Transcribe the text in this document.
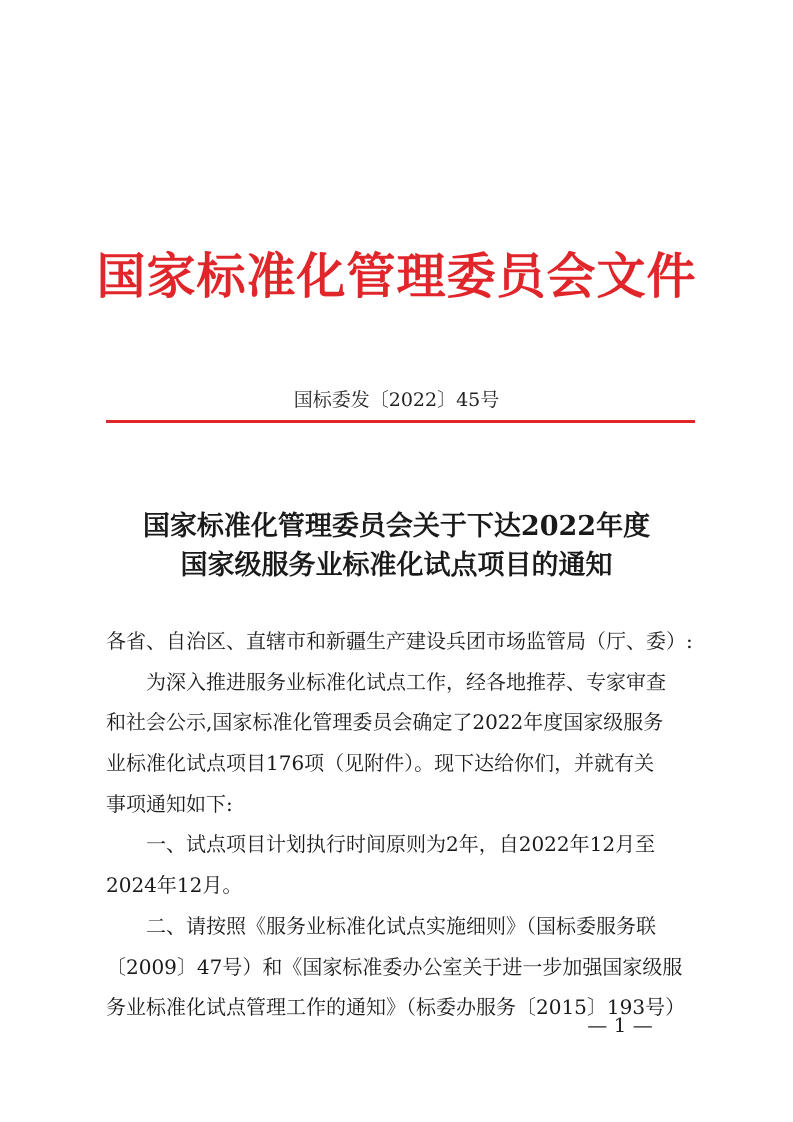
国家标准化管理委员会文件
国标委发〔2022〕45号
国家标准化管理委员会关于下达2022年度
国家级服务业标准化试点项目的通知
各省、自治区、直辖市和新疆生产建设兵团市场监管局（厅、委）:
为深入推进服务业标准化试点工作，经各地推荐、专家审查
和社会公示,国家标准化管理委员会确定了2022年度国家级服务
业标准化试点项目176项（见附件）。现下达给你们，并就有关
事项通知如下:
一、试点项目计划执行时间原则为2年，自2022年12月至
2024年12月。
二、请按照《服务业标准化试点实施细则》（国标委服务联
〔2009〕47号）和《国家标准委办公室关于进一步加强国家级服
务业标准化试点管理工作的通知》（标委办服务〔2015〕193号）
— 1 —
